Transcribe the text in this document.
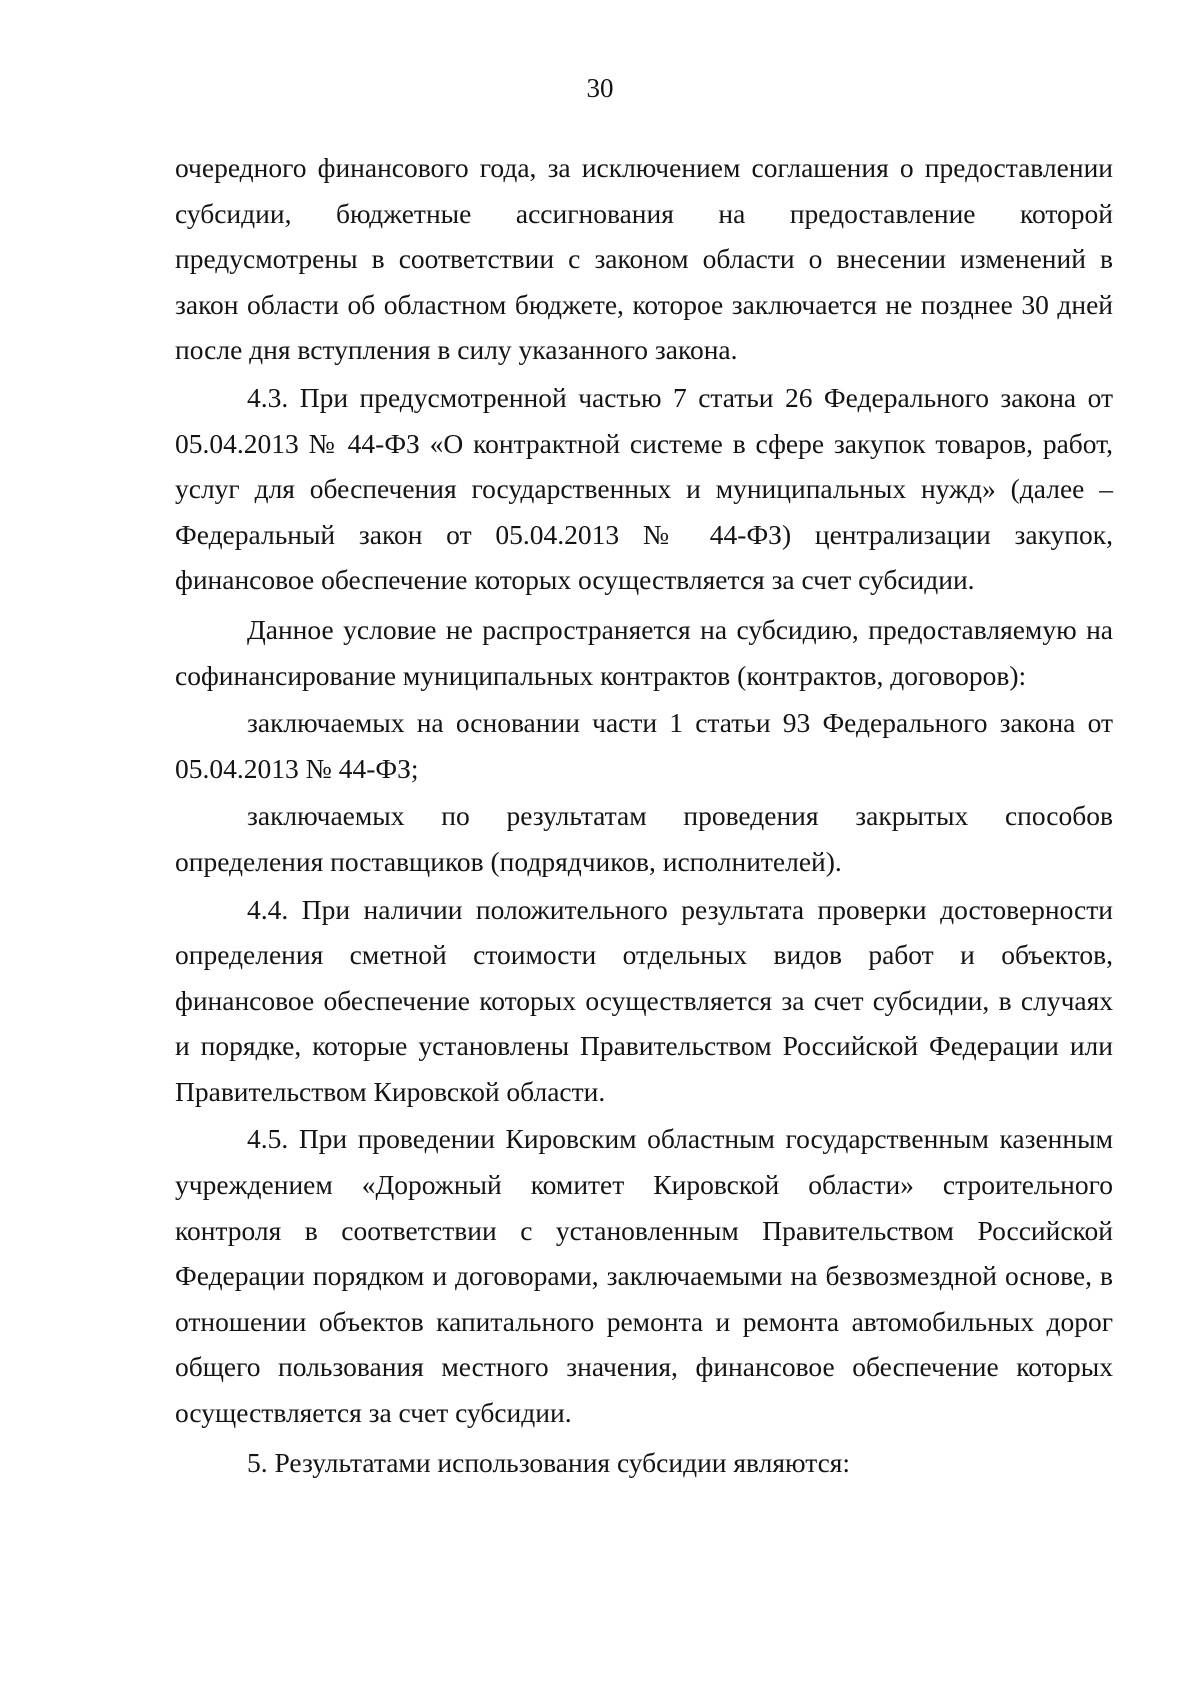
30

очередного финансового года, за исключением соглашения о предоставлении субсидии, бюджетные ассигнования на предоставление которой предусмотрены в соответствии с законом области о внесении изменений в закон области об областном бюджете, которое заключается не позднее 30 дней после дня вступления в силу указанного закона.

4.3. При предусмотренной частью 7 статьи 26 Федерального закона от 05.04.2013 № 44-ФЗ «О контрактной системе в сфере закупок товаров, работ, услуг для обеспечения государственных и муниципальных нужд» (далее – Федеральный закон от 05.04.2013 № 44-ФЗ) централизации закупок, финансовое обеспечение которых осуществляется за счет субсидии.

Данное условие не распространяется на субсидию, предоставляемую на софинансирование муниципальных контрактов (контрактов, договоров):

заключаемых на основании части 1 статьи 93 Федерального закона от 05.04.2013 № 44-ФЗ;

заключаемых по результатам проведения закрытых способов определения поставщиков (подрядчиков, исполнителей).

4.4. При наличии положительного результата проверки достоверности определения сметной стоимости отдельных видов работ и объектов, финансовое обеспечение которых осуществляется за счет субсидии, в случаях и порядке, которые установлены Правительством Российской Федерации или Правительством Кировской области.

4.5. При проведении Кировским областным государственным казенным учреждением «Дорожный комитет Кировской области» строительного контроля в соответствии с установленным Правительством Российской Федерации порядком и договорами, заключаемыми на безвозмездной основе, в отношении объектов капитального ремонта и ремонта автомобильных дорог общего пользования местного значения, финансовое обеспечение которых осуществляется за счет субсидии.

5. Результатами использования субсидии являются:
